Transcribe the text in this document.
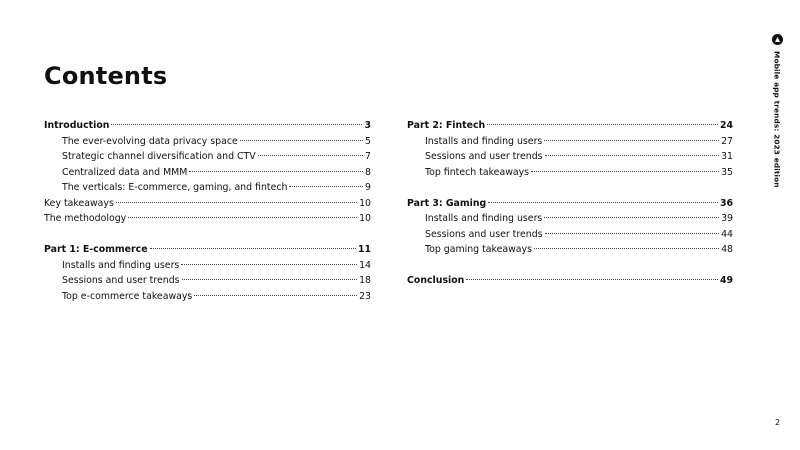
Contents
Introduction	3
The ever-evolving data privacy space	5
Strategic channel diversification and CTV	7
Centralized data and MMM	8
The verticals: E-commerce, gaming, and fintech	9
Key takeaways	10
The methodology	10
Part 1: E-commerce	11
Installs and finding users	14
Sessions and user trends	18
Top e-commerce takeaways	23
Part 2: Fintech	24
Installs and finding users	27
Sessions and user trends	31
Top fintech takeaways	35
Part 3: Gaming	36
Installs and finding users	39
Sessions and user trends	44
Top gaming takeaways	48
Conclusion	49
Mobile app trends: 2023 edition
2
